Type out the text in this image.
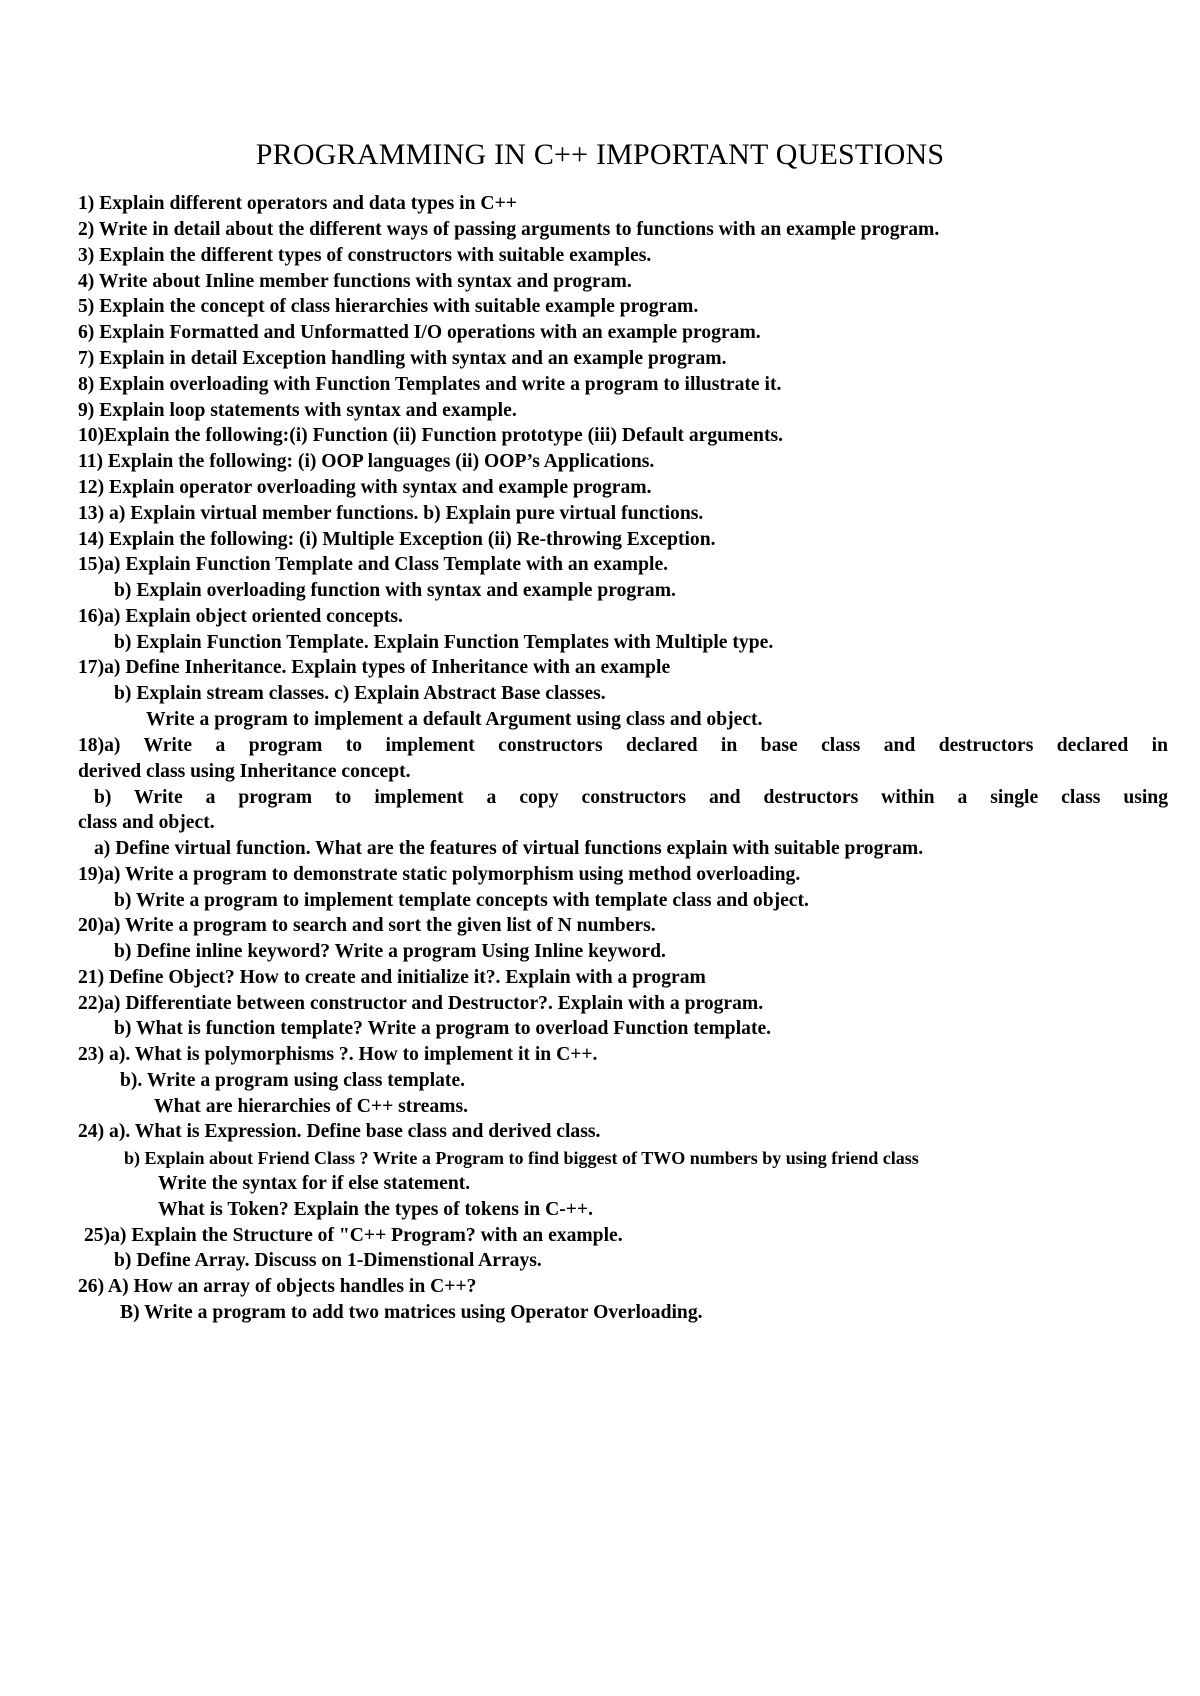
PROGRAMMING IN C++ IMPORTANT QUESTIONS
1) Explain different operators and data types in C++
2) Write in detail about the different ways of passing arguments to functions with an example program.
3) Explain the different types of constructors with suitable examples.
4) Write about Inline member functions with syntax and program.
5) Explain the concept of class hierarchies with suitable example program.
6) Explain Formatted and Unformatted I/O operations with an example program.
7) Explain in detail Exception handling with syntax and an example program.
8) Explain overloading with Function Templates and write a program to illustrate it.
9) Explain loop statements with syntax and example.
10)Explain the following:(i) Function (ii) Function prototype (iii) Default arguments.
11) Explain the following: (i) OOP languages (ii) OOP’s Applications.
12) Explain operator overloading with syntax and example program.
13) a) Explain virtual member functions. b) Explain pure virtual functions.
14) Explain the following: (i) Multiple Exception (ii) Re-throwing Exception.
15)a) Explain Function Template and Class Template with an example.
b) Explain overloading function with syntax and example program.
16)a) Explain object oriented concepts.
b) Explain Function Template. Explain Function Templates with Multiple type.
17)a) Define Inheritance. Explain types of Inheritance with an example
b) Explain stream classes. c) Explain Abstract Base classes.
Write a program to implement a default Argument using class and object.
18)a) Write a program to implement constructors declared in base class and destructors declared in
derived class using Inheritance concept.
b) Write a program to implement a copy constructors and destructors within a single class using
class and object.
a) Define virtual function. What are the features of virtual functions explain with suitable program.
19)a) Write a program to demonstrate static polymorphism using method overloading.
b) Write a program to implement template concepts with template class and object.
20)a) Write a program to search and sort the given list of N numbers.
b) Define inline keyword? Write a program Using Inline keyword.
21) Define Object? How to create and initialize it?. Explain with a program
22)a) Differentiate between constructor and Destructor?. Explain with a program.
b) What is function template? Write a program to overload Function template.
23) a). What is polymorphisms ?. How to implement it in C++.
b). Write a program using class template.
What are hierarchies of C++ streams.
24) a). What is Expression. Define base class and derived class.
b) Explain about Friend Class ? Write a Program to find biggest of TWO numbers by using friend class
Write the syntax for if else statement.
What is Token? Explain the types of tokens in C-++.
25)a) Explain the Structure of "C++ Program? with an example.
b) Define Array. Discuss on 1-Dimenstional Arrays.
26) A) How an array of objects handles in C++?
B) Write a program to add two matrices using Operator Overloading.
